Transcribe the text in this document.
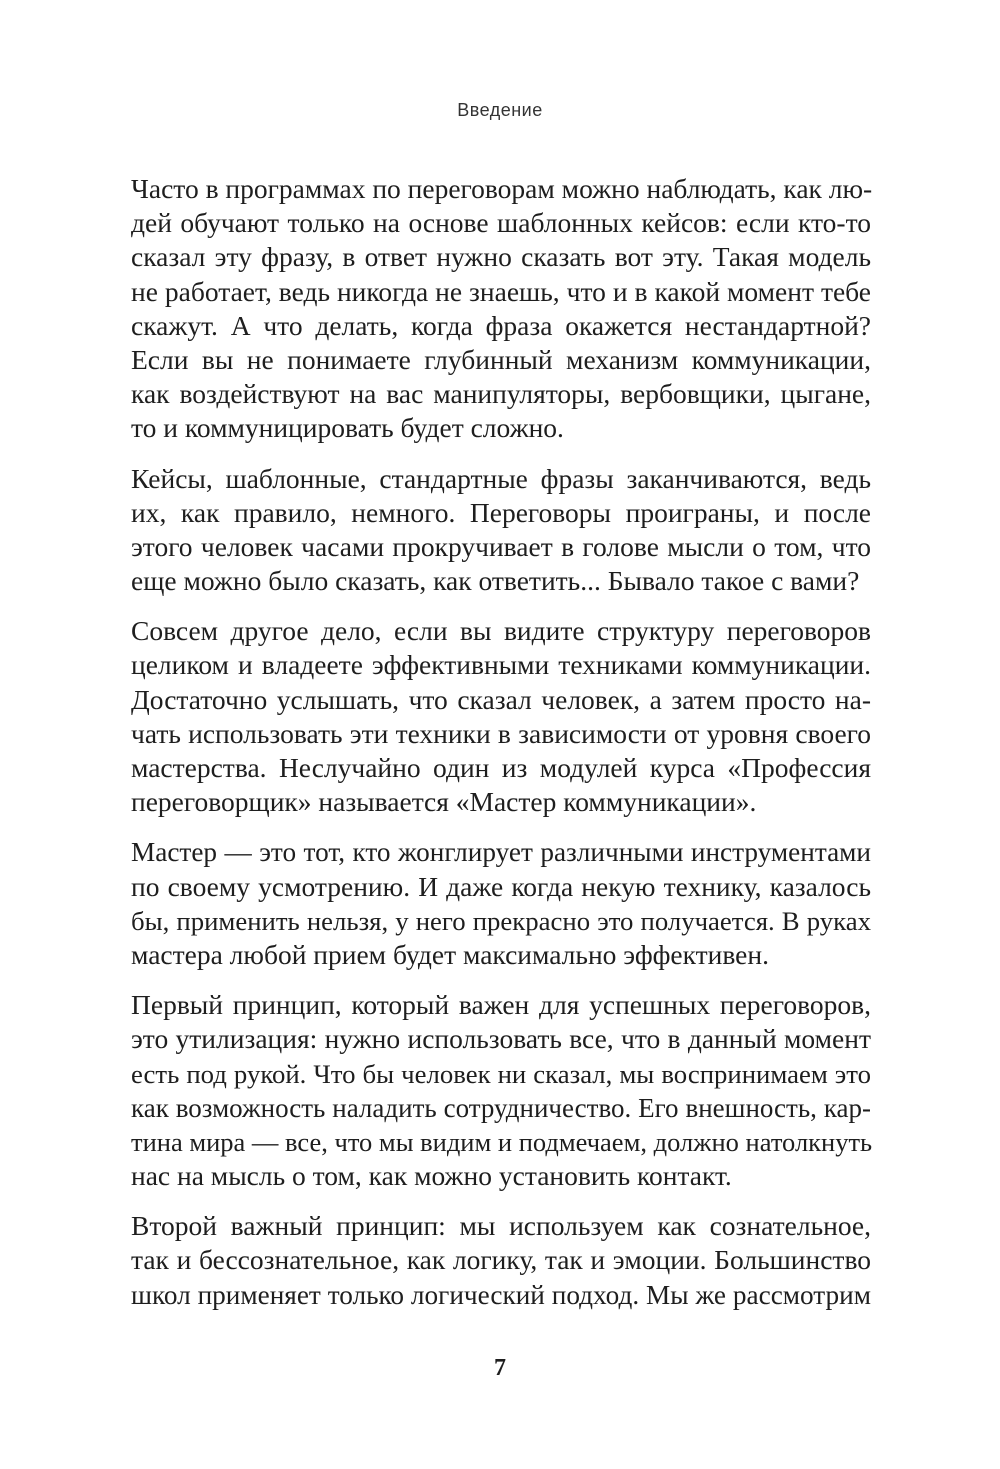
Введение

Часто в программах по переговорам можно наблюдать, как лю-
дей обучают только на основе шаблонных кейсов: если кто-то
сказал эту фразу, в ответ нужно сказать вот эту. Такая модель
не работает, ведь никогда не знаешь, что и в какой момент тебе
скажут. А что делать, когда фраза окажется нестандартной?
Если вы не понимаете глубинный механизм коммуникации,
как воздействуют на вас манипуляторы, вербовщики, цыгане,
то и коммуницировать будет сложно.

Кейсы, шаблонные, стандартные фразы заканчиваются, ведь
их, как правило, немного. Переговоры проиграны, и после
этого человек часами прокручивает в голове мысли о том, что
еще можно было сказать, как ответить... Бывало такое с вами?

Совсем другое дело, если вы видите структуру переговоров
целиком и владеете эффективными техниками коммуникации.
Достаточно услышать, что сказал человек, а затем просто на-
чать использовать эти техники в зависимости от уровня своего
мастерства. Неслучайно один из модулей курса «Профессия
переговорщик» называется «Мастер коммуникации».

Мастер — это тот, кто жонглирует различными инструментами
по своему усмотрению. И даже когда некую технику, казалось
бы, применить нельзя, у него прекрасно это получается. В руках
мастера любой прием будет максимально эффективен.

Первый принцип, который важен для успешных переговоров,
это утилизация: нужно использовать все, что в данный момент
есть под рукой. Что бы человек ни сказал, мы воспринимаем это
как возможность наладить сотрудничество. Его внешность, кар-
тина мира — все, что мы видим и подмечаем, должно натолкнуть
нас на мысль о том, как можно установить контакт.

Второй важный принцип: мы используем как сознательное,
так и бессознательное, как логику, так и эмоции. Большинство
школ применяет только логический подход. Мы же рассмотрим

7
